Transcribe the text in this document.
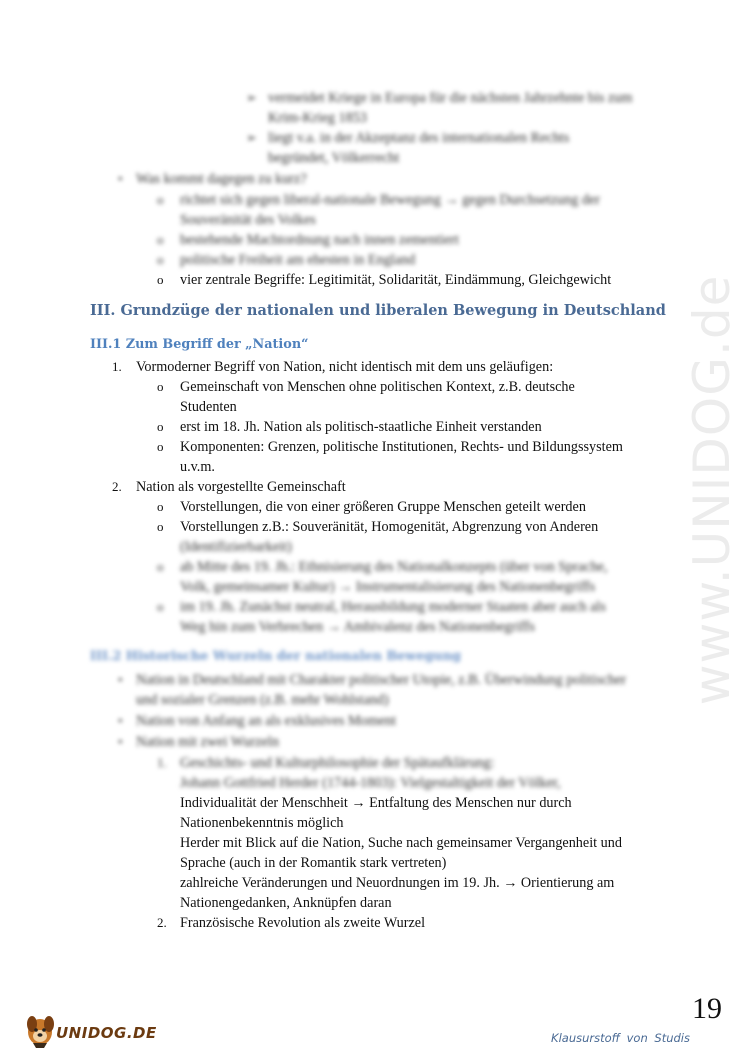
www.UNIDOG.de
➢ vermeidet Kriege in Europa für die nächsten Jahrzehnte bis zum
Krim-Krieg 1853
➢ liegt v.a. in der Akzeptanz des internationalen Rechts
begründet, Völkerrecht
• Was kommt dagegen zu kurz?
o richtet sich gegen liberal-nationale Bewegung → gegen Durchsetzung der
Souveränität des Volkes
o bestehende Machtordnung nach innen zementiert
o politische Freiheit am ehesten in England
o vier zentrale Begriffe: Legitimität, Solidarität, Eindämmung, Gleichgewicht
III. Grundzüge der nationalen und liberalen Bewegung in Deutschland
III.1 Zum Begriff der „Nation“
1. Vormoderner Begriff von Nation, nicht identisch mit dem uns geläufigen:
o Gemeinschaft von Menschen ohne politischen Kontext, z.B. deutsche
Studenten
o erst im 18. Jh. Nation als politisch-staatliche Einheit verstanden
o Komponenten: Grenzen, politische Institutionen, Rechts- und Bildungssystem
u.v.m.
2. Nation als vorgestellte Gemeinschaft
o Vorstellungen, die von einer größeren Gruppe Menschen geteilt werden
o Vorstellungen z.B.: Souveränität, Homogenität, Abgrenzung von Anderen
(Identifizierbarkeit)
o ab Mitte des 19. Jh.: Ethnisierung des Nationalkonzepts (über von Sprache,
Volk, gemeinsamer Kultur) → Instrumentalisierung des Nationenbegriffs
o im 19. Jh. Zunächst neutral, Herausbildung moderner Staaten aber auch als
Weg hin zum Verbrechen → Ambivalenz des Nationenbegriffs
III.2 Historische Wurzeln der nationalen Bewegung
• Nation in Deutschland mit Charakter politischer Utopie, z.B. Überwindung politischer
und sozialer Grenzen (z.B. mehr Wohlstand)
• Nation von Anfang an als exklusives Moment
• Nation mit zwei Wurzeln
1. Geschichts- und Kulturphilosophie der Spätaufklärung:
Johann Gottfried Herder (1744-1803): Vielgestaltigkeit der Völker,
Individualität der Menschheit → Entfaltung des Menschen nur durch
Nationenbekenntnis möglich
Herder mit Blick auf die Nation, Suche nach gemeinsamer Vergangenheit und
Sprache (auch in der Romantik stark vertreten)
zahlreiche Veränderungen und Neuordnungen im 19. Jh. → Orientierung am
Nationengedanken, Anknüpfen daran
2. Französische Revolution als zweite Wurzel
UNIDOG.DE
19
Klausurstoff von Studis
